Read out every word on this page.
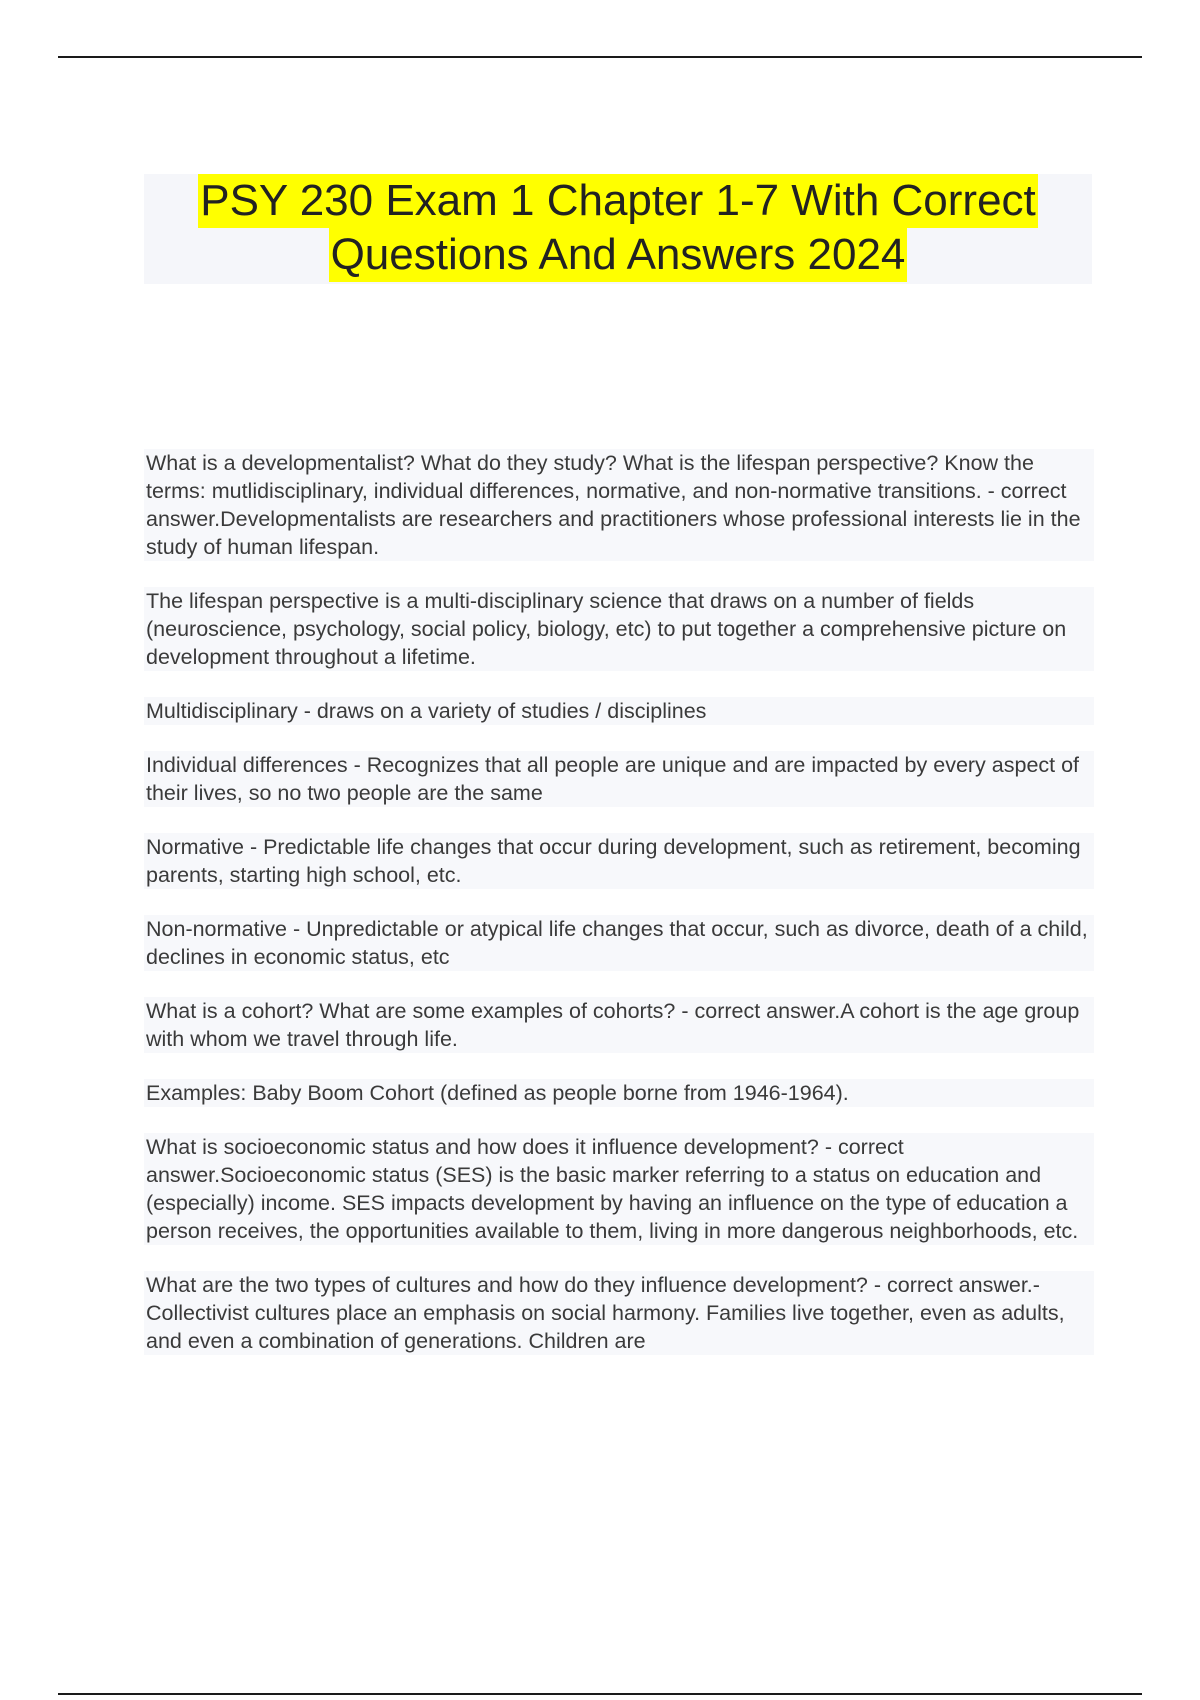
PSY 230 Exam 1 Chapter 1-7 With Correct
Questions And Answers 2024

What is a developmentalist? What do they study? What is the lifespan perspective? Know the terms: mutlidisciplinary, individual differences, normative, and non-normative transitions. - correct answer.Developmentalists are researchers and practitioners whose professional interests lie in the study of human lifespan.

The lifespan perspective is a multi-disciplinary science that draws on a number of fields (neuroscience, psychology, social policy, biology, etc) to put together a comprehensive picture on development throughout a lifetime.

Multidisciplinary - draws on a variety of studies / disciplines

Individual differences - Recognizes that all people are unique and are impacted by every aspect of their lives, so no two people are the same

Normative - Predictable life changes that occur during development, such as retirement, becoming parents, starting high school, etc.

Non-normative - Unpredictable or atypical life changes that occur, such as divorce, death of a child, declines in economic status, etc

What is a cohort? What are some examples of cohorts? - correct answer.A cohort is the age group with whom we travel through life.

Examples: Baby Boom Cohort (defined as people borne from 1946-1964).

What is socioeconomic status and how does it influence development? - correct answer.Socioeconomic status (SES) is the basic marker referring to a status on education and (especially) income. SES impacts development by having an influence on the type of education a person receives, the opportunities available to them, living in more dangerous neighborhoods, etc.

What are the two types of cultures and how do they influence development? - correct answer.- Collectivist cultures place an emphasis on social harmony. Families live together, even as adults, and even a combination of generations. Children are
